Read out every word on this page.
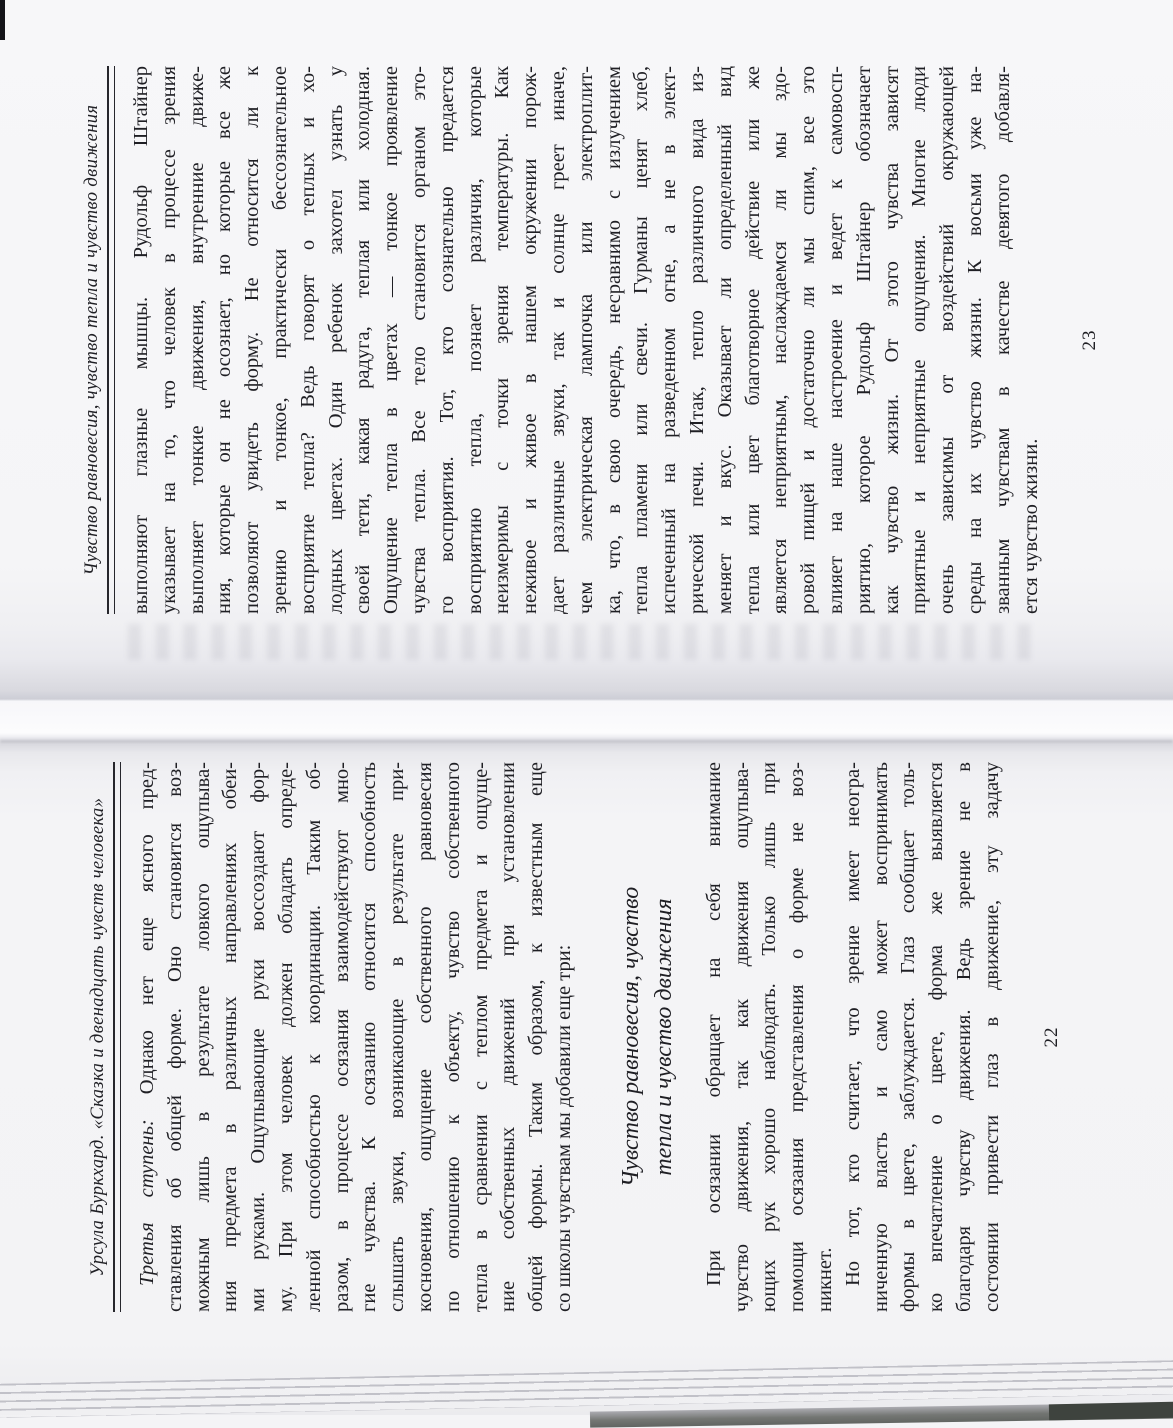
Чувство равновесия, чувство тепла и чувство движения выполняют глазные мышцы. Рудольф Штайнер указывает на то, что человек в процессе зрения выполняет тонкие движения, внутренние движе- ния, которые он не осознает, но которые все же позволяют увидеть форму. Не относится ли к зрению и тонкое, практически бессознательное восприятие тепла? Ведь говорят о теплых и хо- лодных цветах. Один ребенок захотел узнать у своей тети, какая радуга, теплая или холодная. Ощущение тепла в цветах — тонкое проявление чувства тепла. Все тело становится органом это- го восприятия. Тот, кто сознательно предается восприятию тепла, познает различия, которые неизмеримы с точки зрения температуры. Как неживое и живое в нашем окружении порож- дает различные звуки, так и солнце греет иначе, чем электрическая лампочка или электроплит- ка, что, в свою очередь, несравнимо с излучением тепла пламени или свечи. Гурманы ценят хлеб, испеченный на разведенном огне, а не в элект- рической печи. Итак, тепло различного вида из- меняет и вкус. Оказывает ли определенный вид тепла или цвет благотворное действие или же является неприятным, наслаждаемся ли мы здо- ровой пищей и достаточно ли мы спим, все это влияет на наше настроение и ведет к самовосп- риятию, которое Рудольф Штайнер обозначает как чувство жизни. От этого чувства зависят приятные и неприятные ощущения. Многие люди очень зависимы от воздействий окружающей среды на их чувство жизни. К восьми уже на- званным чувствам в качестве девятого добавля- ется чувство жизни.
23
Урсула Буркхард. «Сказка и двенадцать чувств человека» Третья ступень: Однако нет еще ясного пред- ставления об общей форме. Оно становится воз- можным лишь в результате ловкого ощупыва- ния предмета в различных направлениях обеи- ми руками. Ощупывающие руки воссоздают фор- му. При этом человек должен обладать опреде- ленной способностью к координации. Таким об- разом, в процессе осязания взаимодействуют мно- гие чувства. К осязанию относится способность слышать звуки, возникающие в результате при- косновения, ощущение собственного равновесия по отношению к объекту, чувство собственного тепла в сравнении с теплом предмета и ощуще- ние собственных движений при установлении общей формы. Таким образом, к известным еще со школы чувствам мы добавили еще три: Чувство равновесия, чувство тепла и чувство движения При осязании обращает на себя внимание чувство движения, так как движения ощупыва- ющих рук хорошо наблюдать. Только лишь при помощи осязания представления о форме не воз- никнет. Но тот, кто считает, что зрение имеет неогра- ниченную власть и само может воспринимать формы в цвете, заблуждается. Глаз сообщает толь- ко впечатление о цвете, форма же выявляется благодаря чувству движения. Ведь зрение не в состоянии привести глаз в движение, эту задачу 22
